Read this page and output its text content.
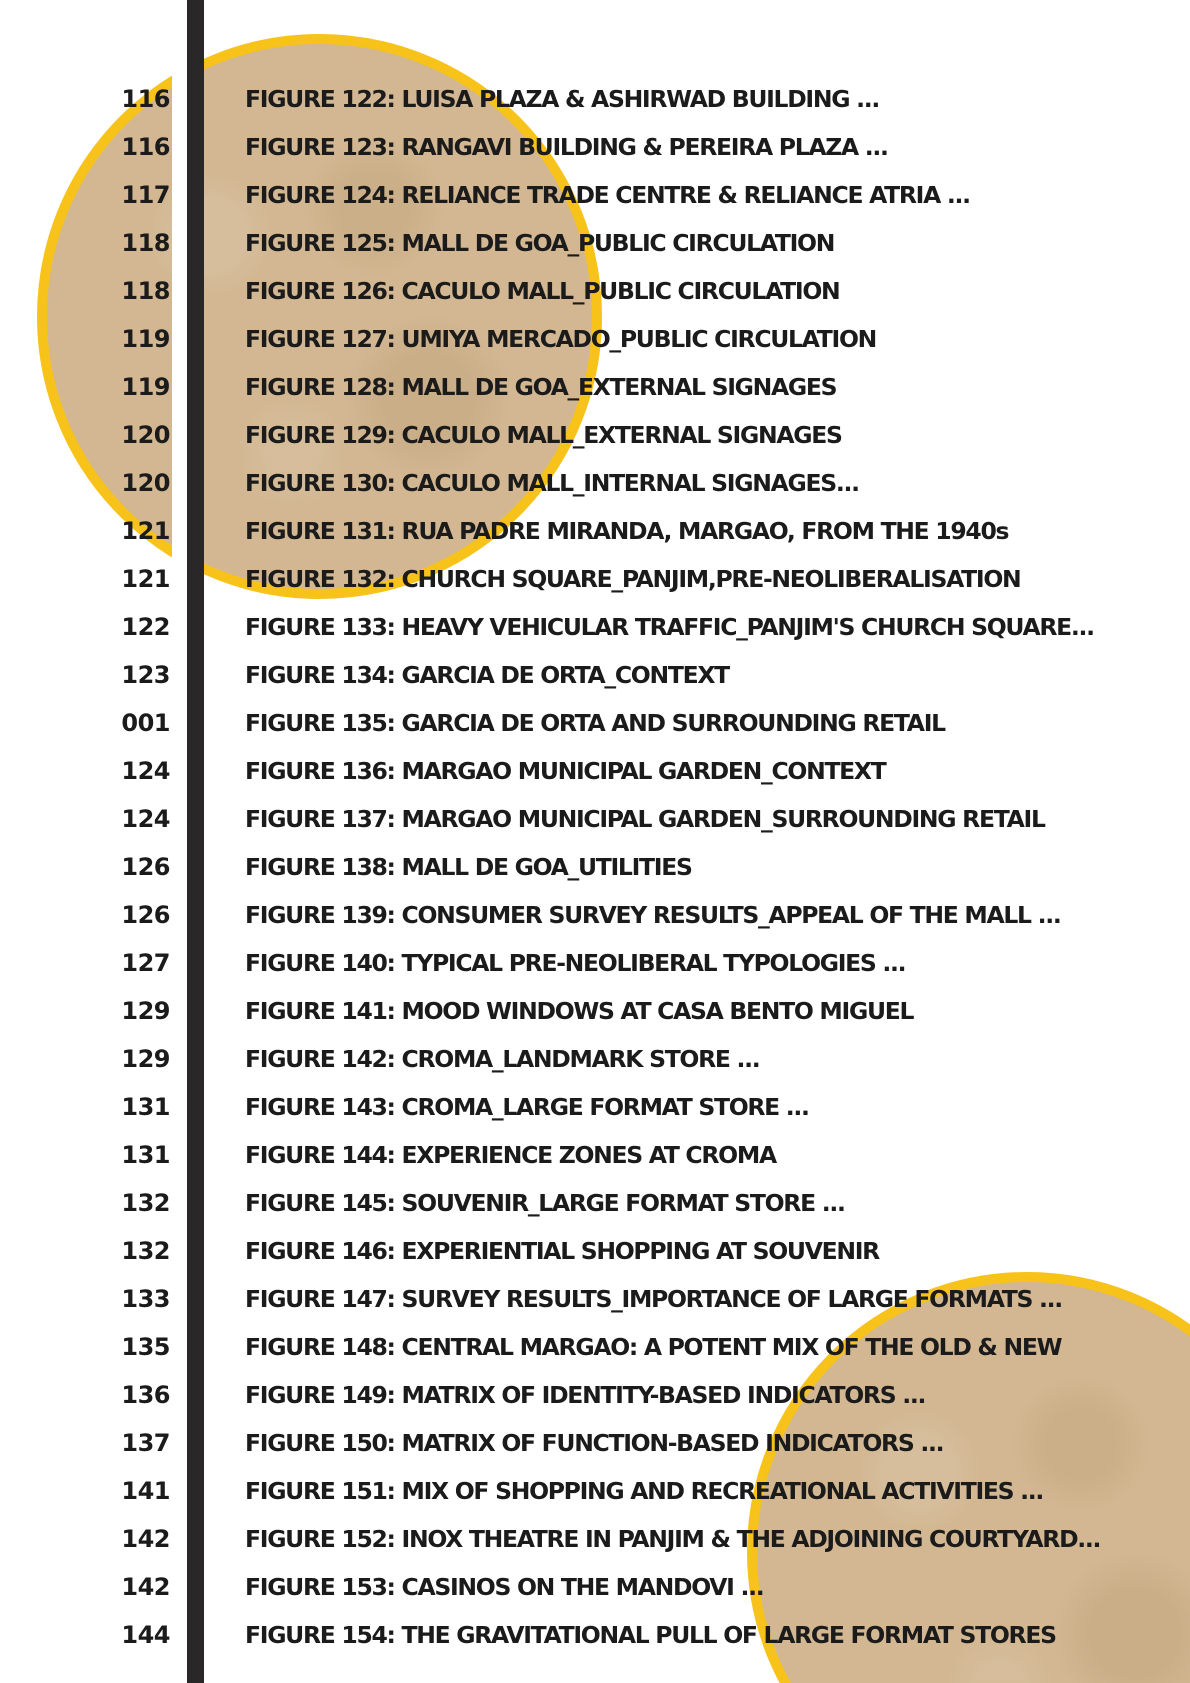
116	FIGURE 122: LUISA PLAZA & ASHIRWAD BUILDING ...
116	FIGURE 123: RANGAVI BUILDING & PEREIRA PLAZA ...
117	FIGURE 124: RELIANCE TRADE CENTRE & RELIANCE ATRIA ...
118	FIGURE 125: MALL DE GOA_PUBLIC CIRCULATION
118	FIGURE 126: CACULO MALL_PUBLIC CIRCULATION
119	FIGURE 127: UMIYA MERCADO_PUBLIC CIRCULATION
119	FIGURE 128: MALL DE GOA_EXTERNAL SIGNAGES
120	FIGURE 129: CACULO MALL_EXTERNAL SIGNAGES
120	FIGURE 130: CACULO MALL_INTERNAL SIGNAGES...
121	FIGURE 131: RUA PADRE MIRANDA, MARGAO, FROM THE 1940s
121	FIGURE 132: CHURCH SQUARE_PANJIM,PRE-NEOLIBERALISATION
122	FIGURE 133: HEAVY VEHICULAR TRAFFIC_PANJIM'S CHURCH SQUARE...
123	FIGURE 134: GARCIA DE ORTA_CONTEXT
001	FIGURE 135: GARCIA DE ORTA AND SURROUNDING RETAIL
124	FIGURE 136: MARGAO MUNICIPAL GARDEN_CONTEXT
124	FIGURE 137: MARGAO MUNICIPAL GARDEN_SURROUNDING RETAIL
126	FIGURE 138: MALL DE GOA_UTILITIES
126	FIGURE 139: CONSUMER SURVEY RESULTS_APPEAL OF THE MALL ...
127	FIGURE 140: TYPICAL PRE-NEOLIBERAL TYPOLOGIES ...
129	FIGURE 141: MOOD WINDOWS AT CASA BENTO MIGUEL
129	FIGURE 142: CROMA_LANDMARK STORE ...
131	FIGURE 143: CROMA_LARGE FORMAT STORE ...
131	FIGURE 144: EXPERIENCE ZONES AT CROMA
132	FIGURE 145: SOUVENIR_LARGE FORMAT STORE ...
132	FIGURE 146: EXPERIENTIAL SHOPPING AT SOUVENIR
133	FIGURE 147: SURVEY RESULTS_IMPORTANCE OF LARGE FORMATS ...
135	FIGURE 148: CENTRAL MARGAO: A POTENT MIX OF THE OLD & NEW
136	FIGURE 149: MATRIX OF IDENTITY-BASED INDICATORS ...
137	FIGURE 150: MATRIX OF FUNCTION-BASED INDICATORS ...
141	FIGURE 151: MIX OF SHOPPING AND RECREATIONAL ACTIVITIES ...
142	FIGURE 152: INOX THEATRE IN PANJIM & THE ADJOINING COURTYARD...
142	FIGURE 153: CASINOS ON THE MANDOVI ...
144	FIGURE 154: THE GRAVITATIONAL PULL OF LARGE FORMAT STORES
